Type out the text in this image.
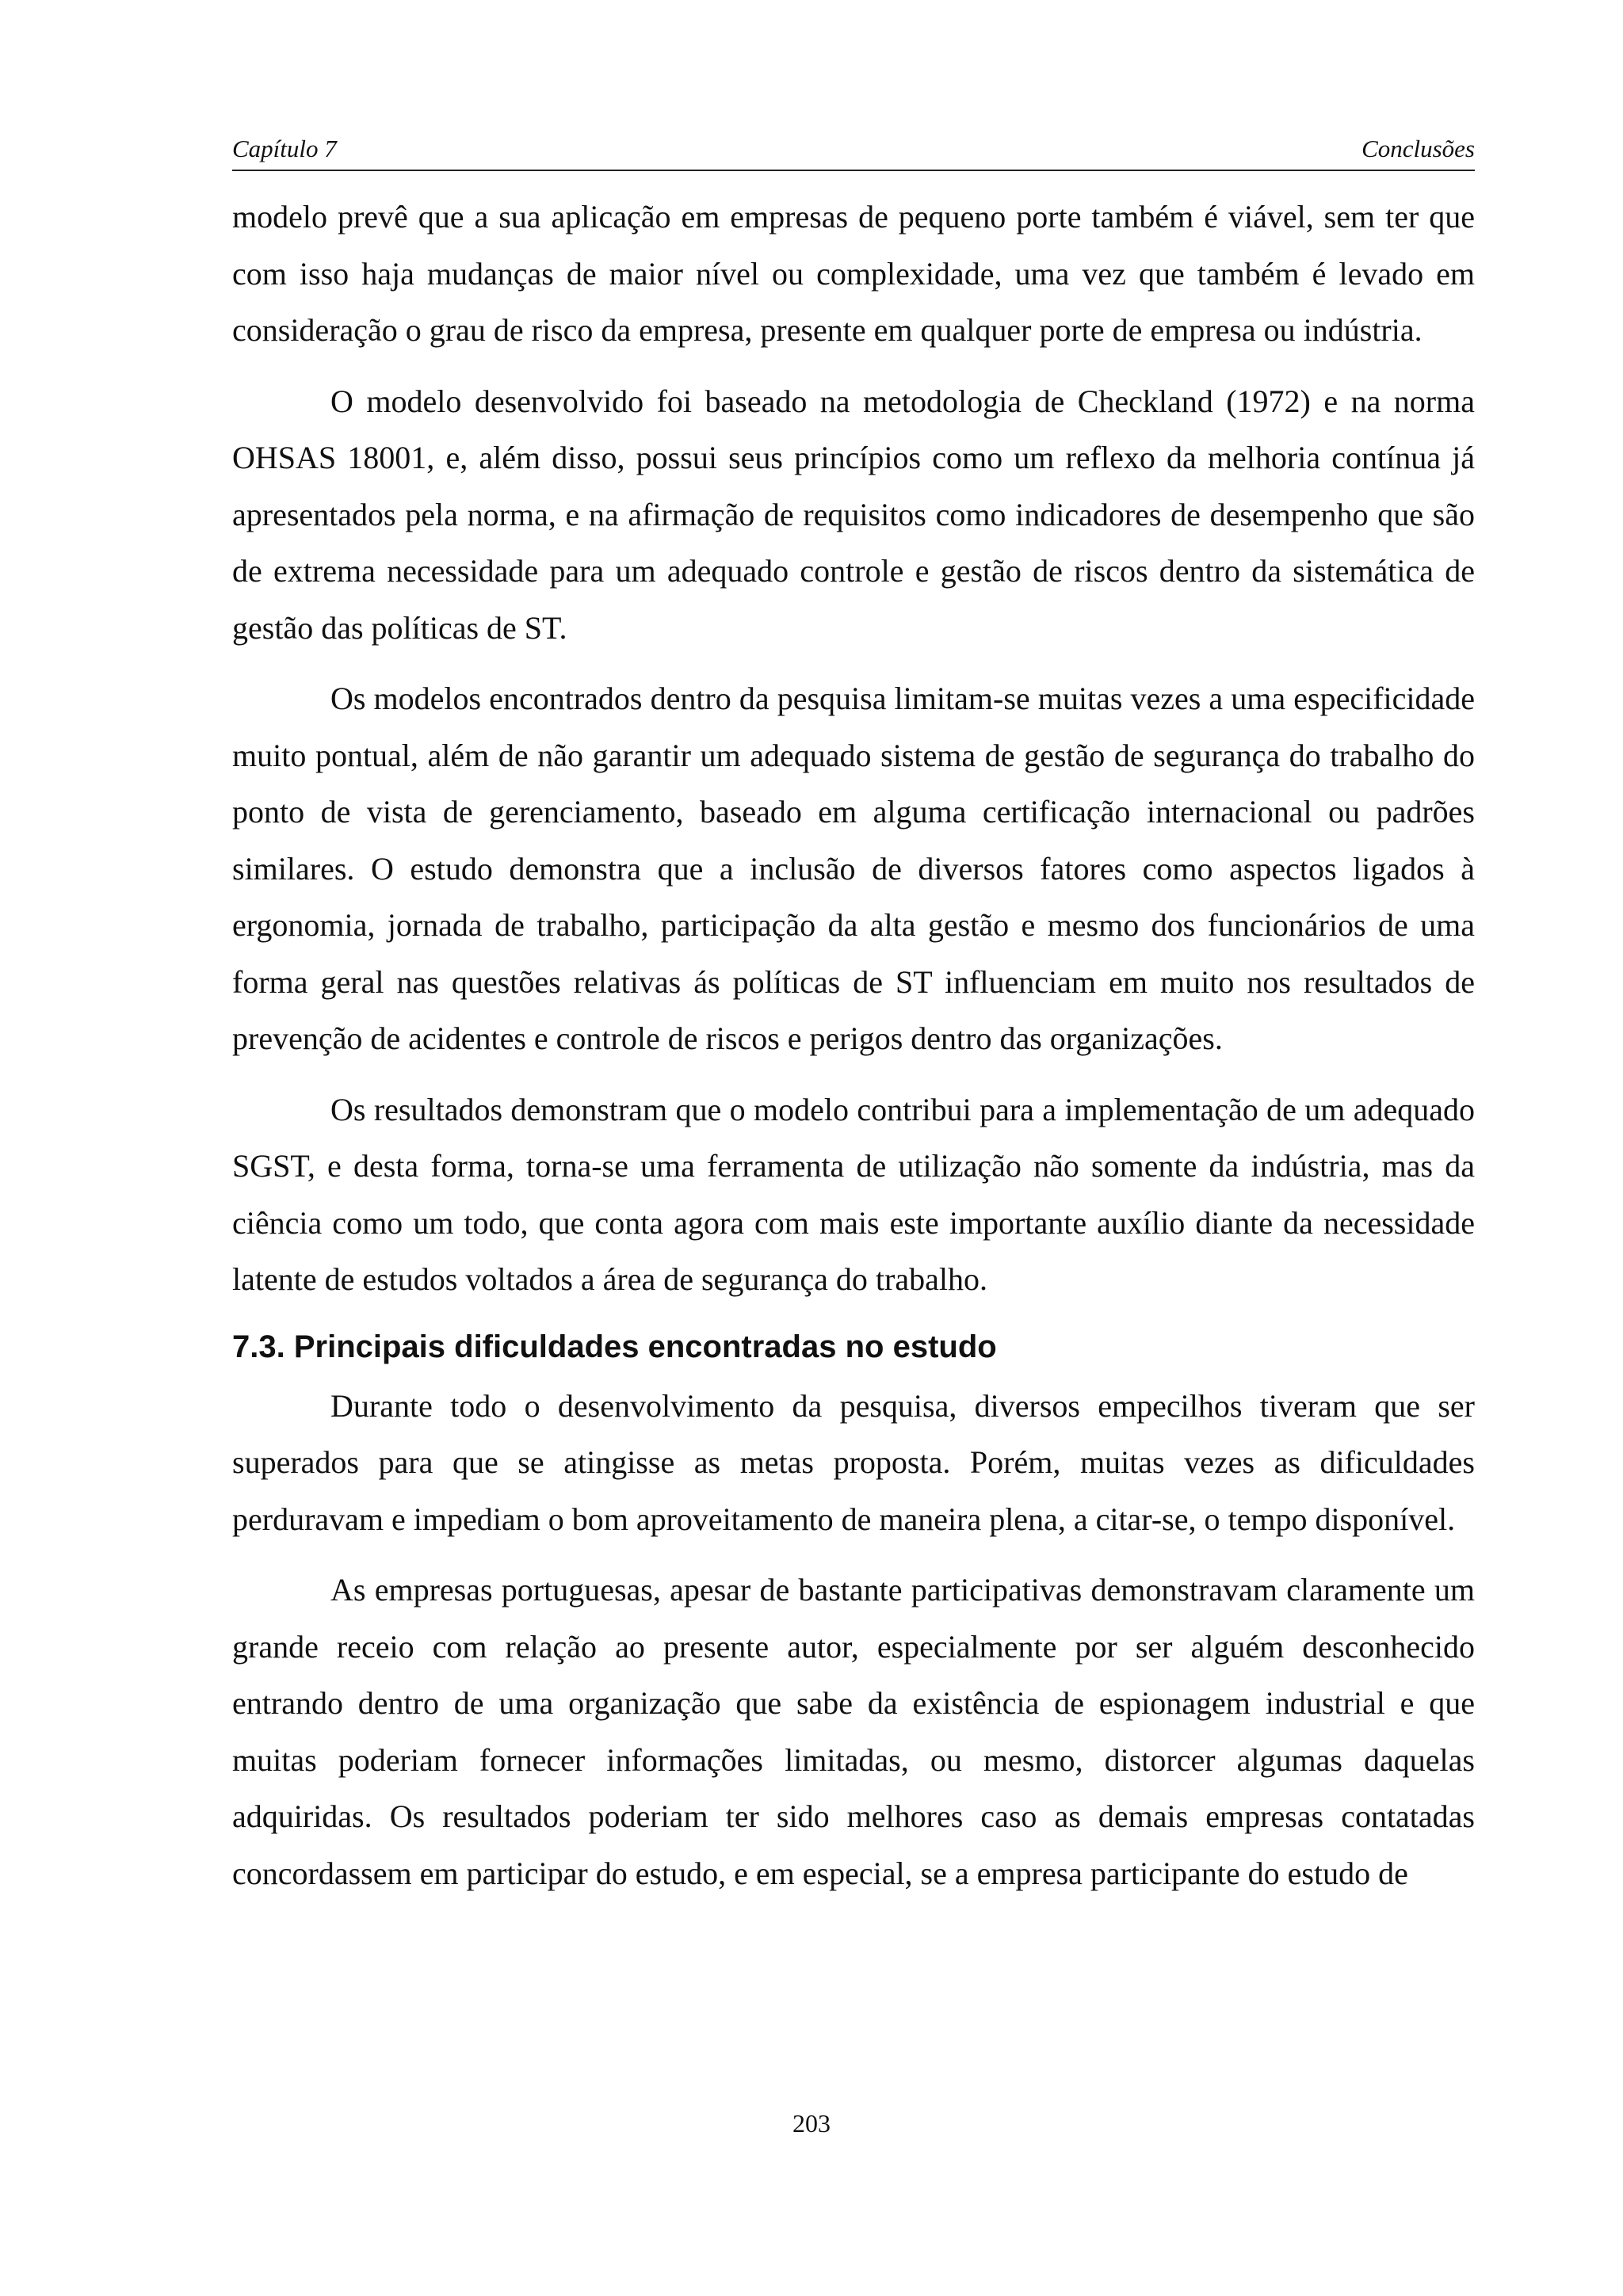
Capítulo 7	Conclusões

modelo prevê que a sua aplicação em empresas de pequeno porte também é viável, sem ter que com isso haja mudanças de maior nível ou complexidade, uma vez que também é levado em consideração o grau de risco da empresa, presente em qualquer porte de empresa ou indústria.

O modelo desenvolvido foi baseado na metodologia de Checkland (1972) e na norma OHSAS 18001, e, além disso, possui seus princípios como um reflexo da melhoria contínua já apresentados pela norma, e na afirmação de requisitos como indicadores de desempenho que são de extrema necessidade para um adequado controle e gestão de riscos dentro da sistemática de gestão das políticas de ST.

Os modelos encontrados dentro da pesquisa limitam-se muitas vezes a uma especificidade muito pontual, além de não garantir um adequado sistema de gestão de segurança do trabalho do ponto de vista de gerenciamento, baseado em alguma certificação internacional ou padrões similares. O estudo demonstra que a inclusão de diversos fatores como aspectos ligados à ergonomia, jornada de trabalho, participação da alta gestão e mesmo dos funcionários de uma forma geral nas questões relativas ás políticas de ST influenciam em muito nos resultados de prevenção de acidentes e controle de riscos e perigos dentro das organizações.

Os resultados demonstram que o modelo contribui para a implementação de um adequado SGST, e desta forma, torna-se uma ferramenta de utilização não somente da indústria, mas da ciência como um todo, que conta agora com mais este importante auxílio diante da necessidade latente de estudos voltados a área de segurança do trabalho.

7.3. Principais dificuldades encontradas no estudo

Durante todo o desenvolvimento da pesquisa, diversos empecilhos tiveram que ser superados para que se atingisse as metas proposta. Porém, muitas vezes as dificuldades perduravam e impediam o bom aproveitamento de maneira plena, a citar-se, o tempo disponível.

As empresas portuguesas, apesar de bastante participativas demonstravam claramente um grande receio com relação ao presente autor, especialmente por ser alguém desconhecido entrando dentro de uma organização que sabe da existência de espionagem industrial e que muitas poderiam fornecer informações limitadas, ou mesmo, distorcer algumas daquelas adquiridas. Os resultados poderiam ter sido melhores caso as demais empresas contatadas concordassem em participar do estudo, e em especial, se a empresa participante do estudo de

203
